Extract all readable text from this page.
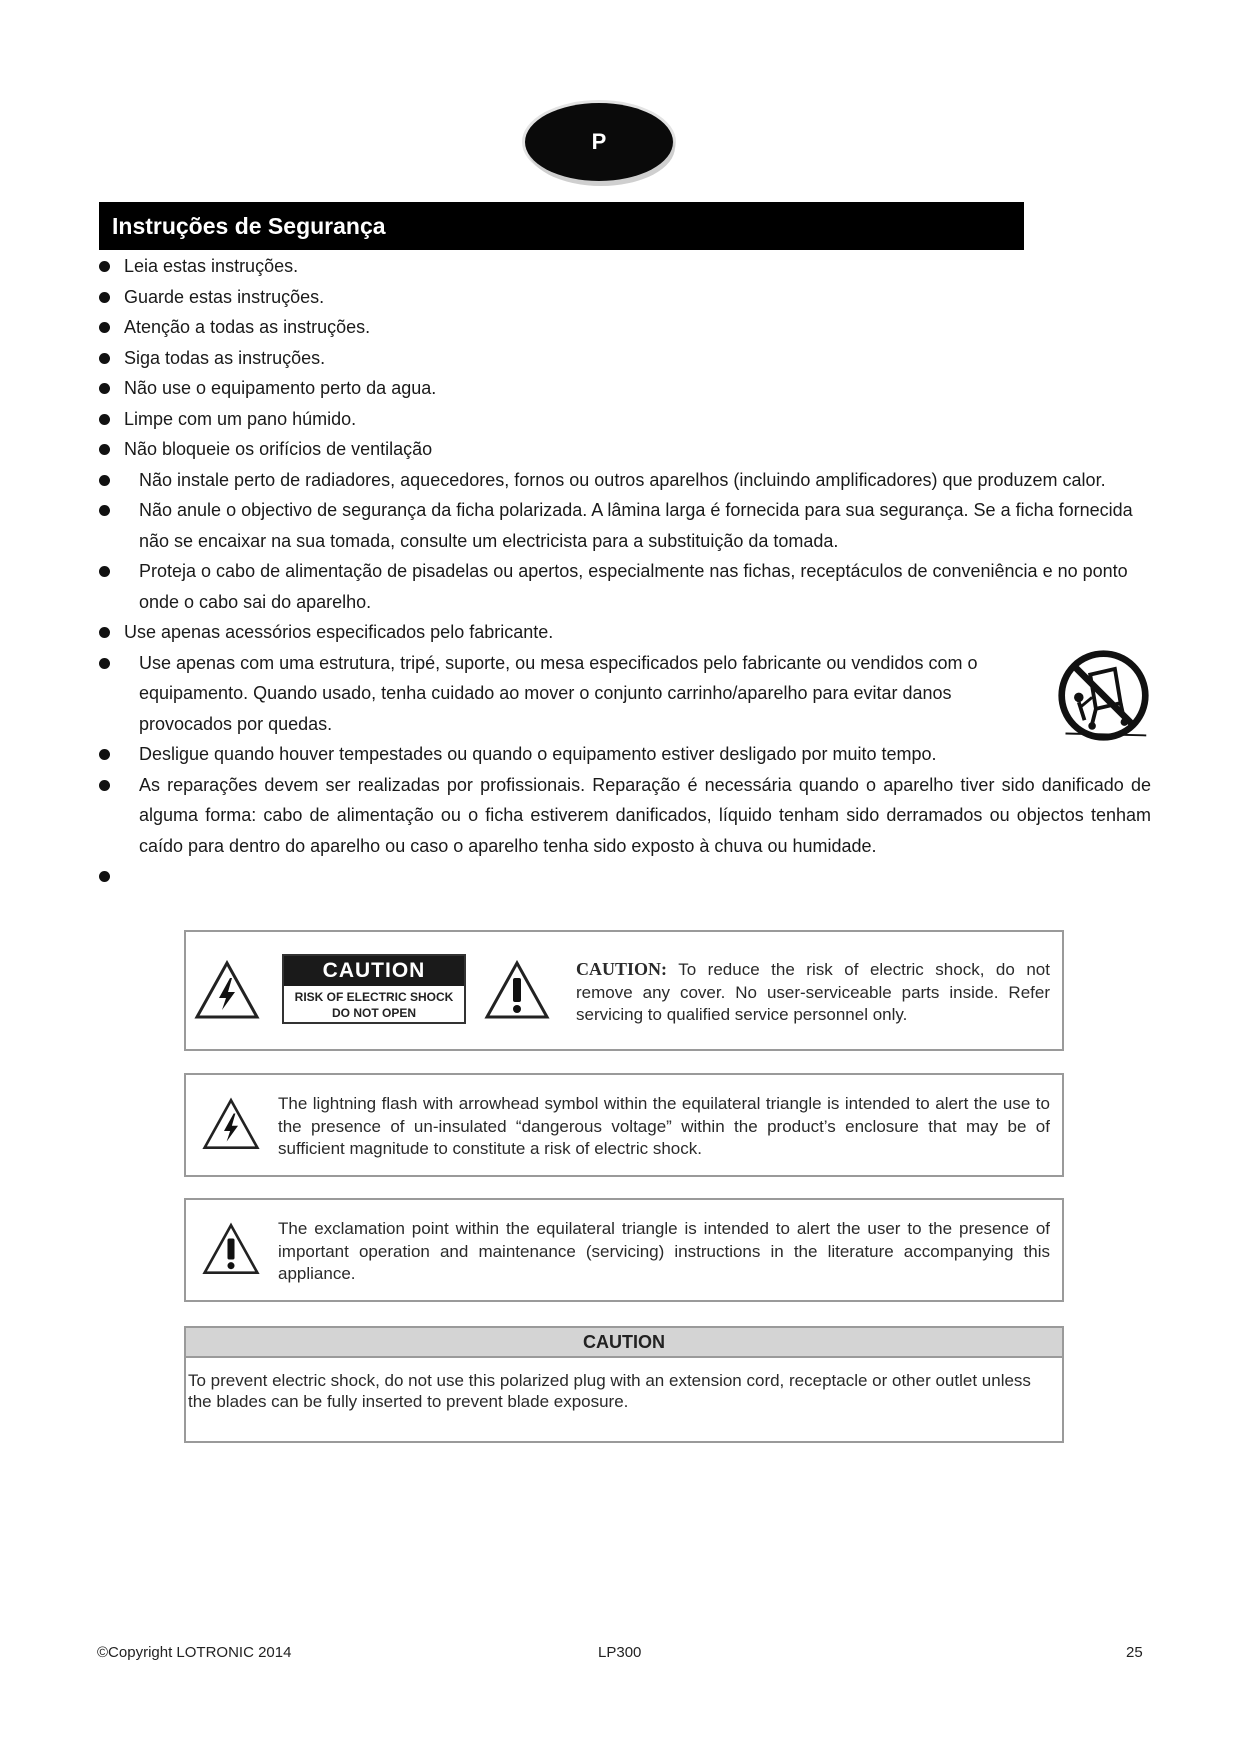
P
Instruções de Segurança
Leia estas instruções.
Guarde estas instruções.
Atenção a todas as instruções.
Siga todas as instruções.
Não use o equipamento perto da agua.
Limpe com um pano húmido.
Não bloqueie os orifícios de ventilação
Não instale perto de radiadores, aquecedores, fornos ou outros aparelhos (incluindo amplificadores) que produzem calor.
Não anule o objectivo de segurança da ficha polarizada. A lâmina larga é fornecida para sua segurança. Se a ficha fornecida não se encaixar na sua tomada, consulte um electricista para a substituição da tomada.
Proteja o cabo de alimentação de pisadelas ou apertos, especialmente nas fichas, receptáculos de conveniência e no ponto onde o cabo sai do aparelho.
Use apenas acessórios especificados pelo fabricante.
Use apenas com uma estrutura, tripé, suporte, ou mesa especificados pelo fabricante ou vendidos com o equipamento. Quando usado, tenha cuidado ao mover o conjunto carrinho/aparelho para evitar danos provocados por quedas.
Desligue quando houver tempestades ou quando o equipamento estiver desligado por muito tempo.
As reparações devem ser realizadas por profissionais. Reparação é necessária quando o aparelho tiver sido danificado de alguma forma: cabo de alimentação ou o ficha estiverem danificados, líquido tenham sido derramados ou objectos tenham caído para dentro do aparelho ou caso o aparelho tenha sido exposto à chuva ou humidade.
CAUTION
RISK OF ELECTRIC SHOCK
DO NOT OPEN
CAUTION: To reduce the risk of electric shock, do not remove any cover. No user-serviceable parts inside. Refer servicing to qualified service personnel only.
The lightning flash with arrowhead symbol within the equilateral triangle is intended to alert the use to the presence of un-insulated “dangerous voltage” within the product’s enclosure that may be of sufficient magnitude to constitute a risk of electric shock.
The exclamation point within the equilateral triangle is intended to alert the user to the presence of important operation and maintenance (servicing) instructions in the literature accompanying this appliance.
CAUTION
To prevent electric shock, do not use this polarized plug with an extension cord, receptacle or other outlet unless the blades can be fully inserted to prevent blade exposure.
©Copyright LOTRONIC 2014	LP300	25
